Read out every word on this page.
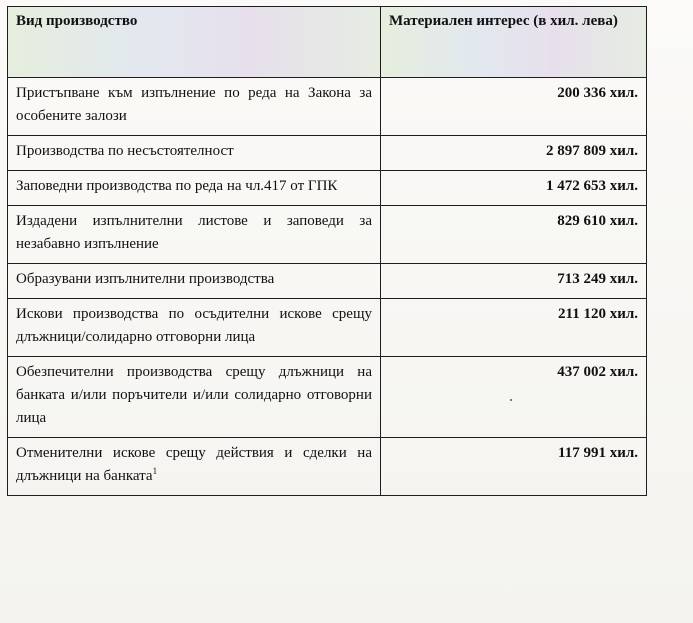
Вид производство	Материален интерес (в хил. лева)
Пристъпване към изпълнение по реда на Закона за особените залози	200 336 хил.
Производства по несъстоятелност	2 897 809 хил.
Заповедни производства по реда на чл.417 от ГПК	1 472 653 хил.
Издадени изпълнителни листове и заповеди за незабавно изпълнение	829 610 хил.
Образувани изпълнителни производства	713 249 хил.
Искови производства по осъдителни искове срещу длъжници/солидарно отговорни лица	211 120 хил.
Обезпечителни производства срещу длъжници на банката и/или поръчители и/или солидарно отговорни лица	437 002 хил.
Отменителни искове срещу действия и сделки на длъжници на банката$^1$	117 991 хил.
